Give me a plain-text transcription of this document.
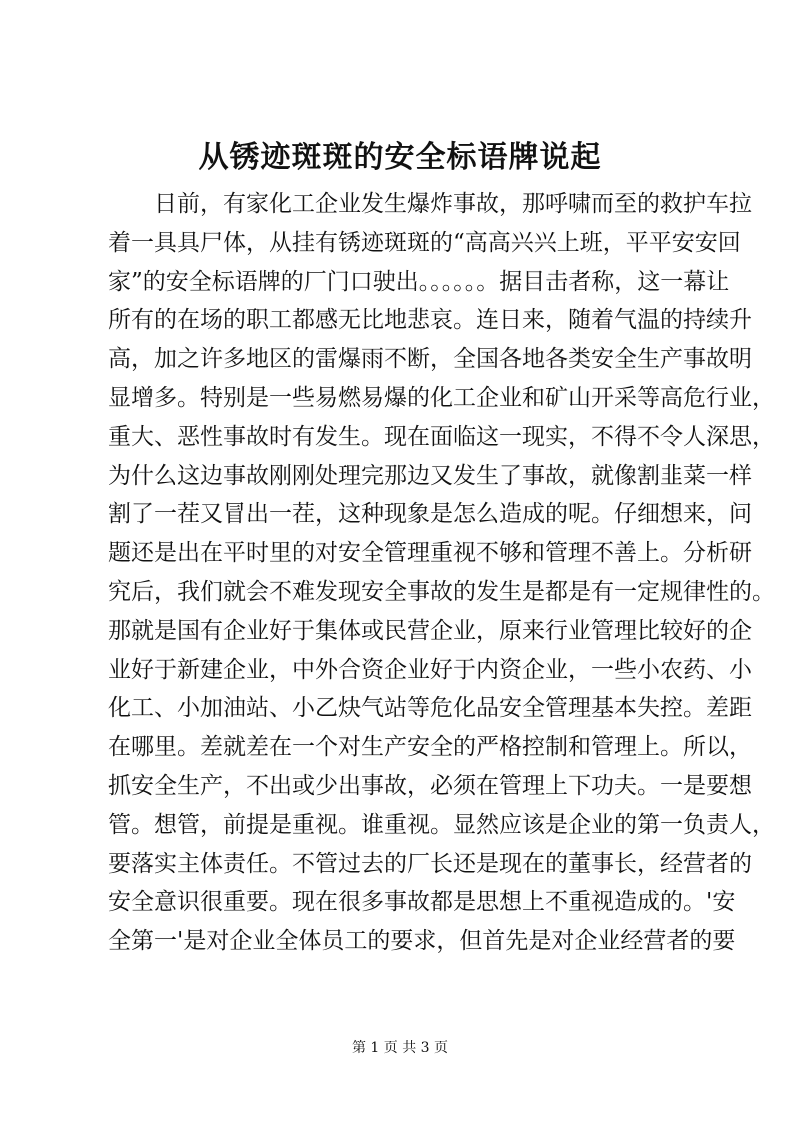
从锈迹斑斑的安全标语牌说起
日前，有家化工企业发生爆炸事故，那呼啸而至的救护车拉
着一具具尸体，从挂有锈迹斑斑的“高高兴兴上班，平平安安回
家”的安全标语牌的厂门口驶出。。。。。。据目击者称，这一幕让
所有的在场的职工都感无比地悲哀。连日来，随着气温的持续升
高，加之许多地区的雷爆雨不断，全国各地各类安全生产事故明
显增多。特别是一些易燃易爆的化工企业和矿山开采等高危行业，
重大、恶性事故时有发生。现在面临这一现实，不得不令人深思，
为什么这边事故刚刚处理完那边又发生了事故，就像割韭菜一样
割了一茬又冒出一茬，这种现象是怎么造成的呢。仔细想来，问
题还是出在平时里的对安全管理重视不够和管理不善上。分析研
究后，我们就会不难发现安全事故的发生是都是有一定规律性的。
那就是国有企业好于集体或民营企业，原来行业管理比较好的企
业好于新建企业，中外合资企业好于内资企业，一些小农药、小
化工、小加油站、小乙炔气站等危化品安全管理基本失控。差距
在哪里。差就差在一个对生产安全的严格控制和管理上。所以，
抓安全生产，不出或少出事故，必须在管理上下功夫。一是要想
管。想管，前提是重视。谁重视。显然应该是企业的第一负责人，
要落实主体责任。不管过去的厂长还是现在的董事长，经营者的
安全意识很重要。现在很多事故都是思想上不重视造成的。'安
全第一'是对企业全体员工的要求，但首先是对企业经营者的要
第 1 页 共 3 页
